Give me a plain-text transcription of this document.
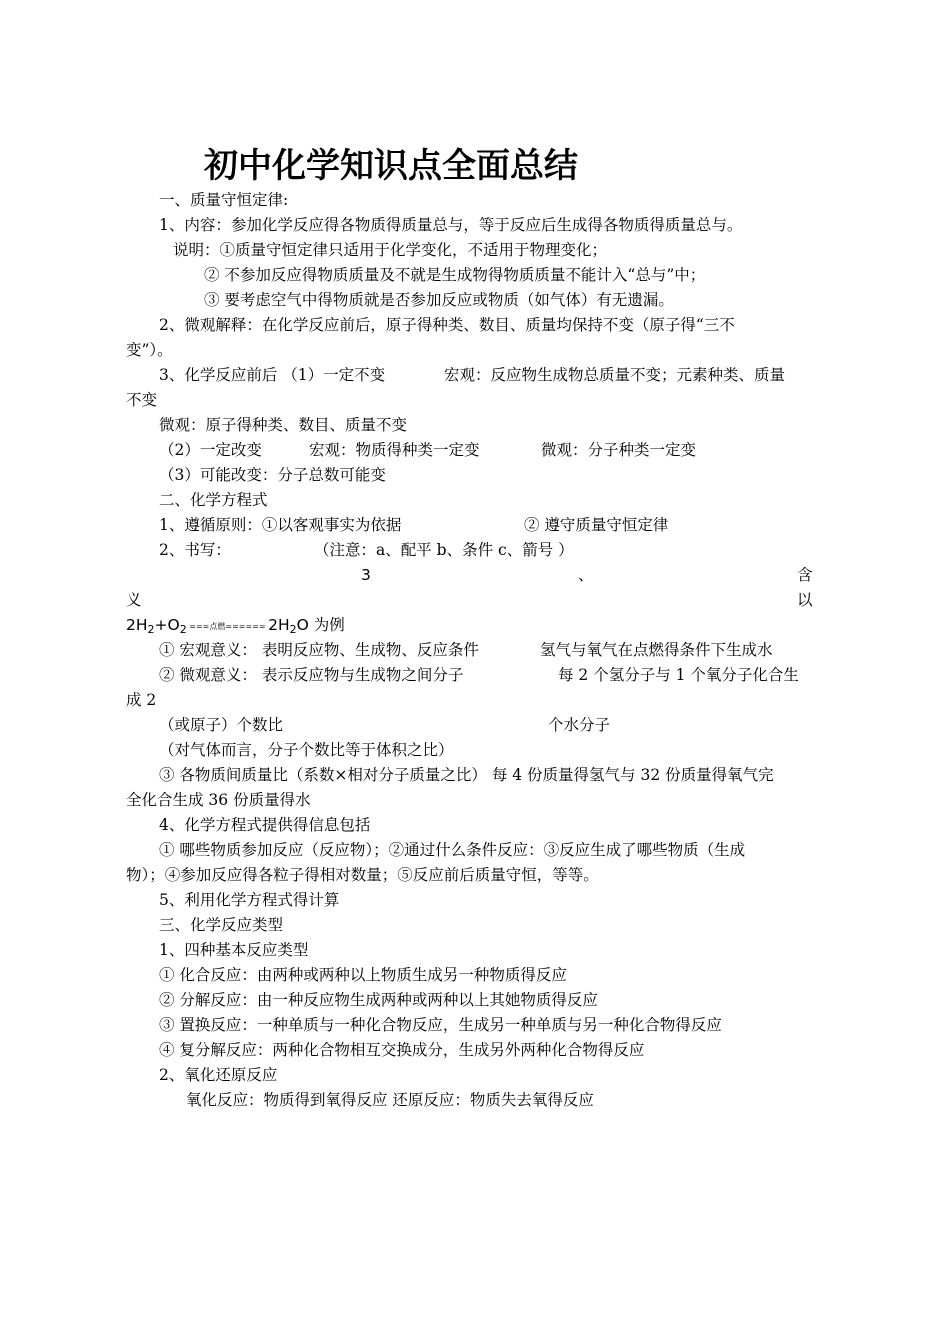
初中化学知识点全面总结
一、质量守恒定律:
1、内容：参加化学反应得各物质得质量总与，等于反应后生成得各物质得质量总与。
说明：①质量守恒定律只适用于化学变化，不适用于物理变化；
② 不参加反应得物质质量及不就是生成物得物质质量不能计入“总与”中；
③ 要考虑空气中得物质就是否参加反应或物质（如气体）有无遗漏。
2、微观解释：在化学反应前后，原子得种类、数目、质量均保持不变（原子得“三不
变”）。
3、化学反应前后 （1）一定不变	宏观：反应物生成物总质量不变；元素种类、质量
不变
微观：原子得种类、数目、质量不变
（2）一定改变	宏观：物质得种类一定变	微观：分子种类一定变
（3）可能改变：分子总数可能变
二、化学方程式
1、遵循原则：①以客观事实为依据	② 遵守质量守恒定律
2、书写：	（注意：a、配平 b、条件 c、箭号 ）
3	、	含
义	以
$2H_2+O_2$ ===点燃====== $2H_2O$ 为例
① 宏观意义： 表明反应物、生成物、反应条件	氢气与氧气在点燃得条件下生成水
② 微观意义： 表示反应物与生成物之间分子	每 2 个氢分子与 1 个氧分子化合生
成 2
（或原子）个数比	个水分子
（对气体而言，分子个数比等于体积之比）
③ 各物质间质量比（系数×相对分子质量之比） 每 4 份质量得氢气与 32 份质量得氧气完
全化合生成 36 份质量得水
4、化学方程式提供得信息包括
① 哪些物质参加反应（反应物）；②通过什么条件反应：③反应生成了哪些物质（生成
物）；④参加反应得各粒子得相对数量；⑤反应前后质量守恒，等等。
5、利用化学方程式得计算
三、化学反应类型
1、四种基本反应类型
① 化合反应：由两种或两种以上物质生成另一种物质得反应
② 分解反应：由一种反应物生成两种或两种以上其她物质得反应
③ 置换反应：一种单质与一种化合物反应，生成另一种单质与另一种化合物得反应
④ 复分解反应：两种化合物相互交换成分，生成另外两种化合物得反应
2、氧化还原反应
氧化反应：物质得到氧得反应 还原反应：物质失去氧得反应
